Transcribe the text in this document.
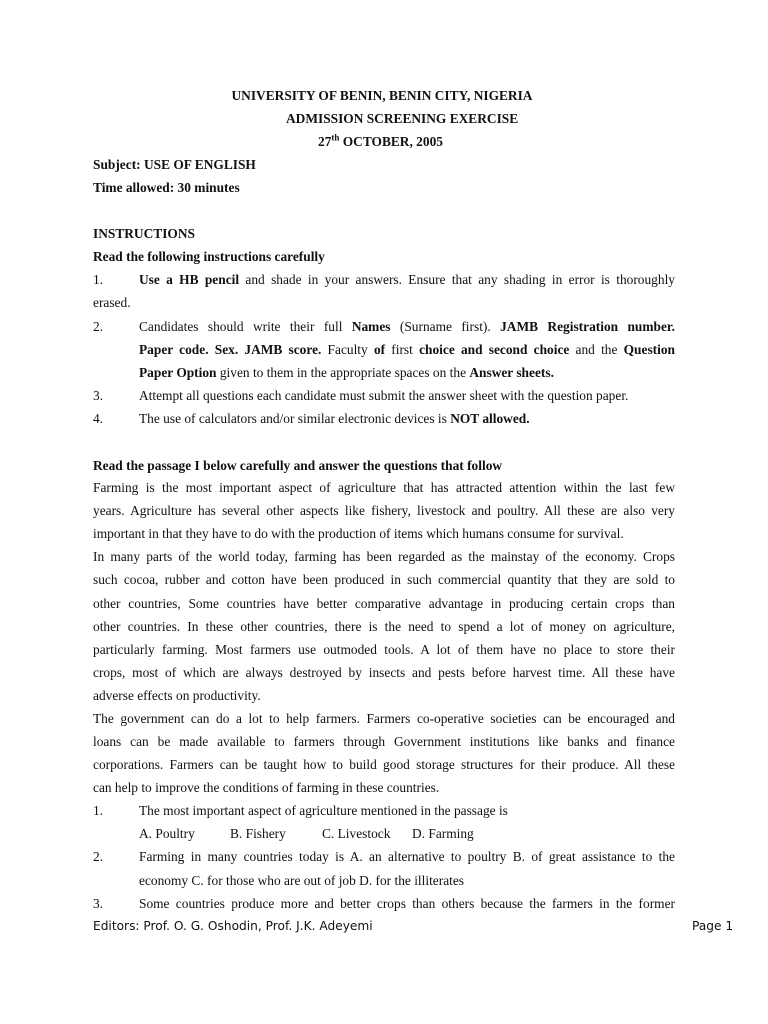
UNIVERSITY OF BENIN, BENIN CITY, NIGERIA
ADMISSION SCREENING EXERCISE
27th OCTOBER, 2005
Subject: USE OF ENGLISH
Time allowed: 30 minutes
INSTRUCTIONS
Read the following instructions carefully
1.	Use a HB pencil and shade in your answers. Ensure that any shading in error is thoroughly
erased.
2.	Candidates should write their full Names (Surname first). JAMB Registration number.
Paper code. Sex. JAMB score. Faculty of first choice and second choice and the Question
Paper Option given to them in the appropriate spaces on the Answer sheets.
3.	Attempt all questions each candidate must submit the answer sheet with the question paper.
4.	The use of calculators and/or similar electronic devices is NOT allowed.
Read the passage I below carefully and answer the questions that follow
Farming is the most important aspect of agriculture that has attracted attention within the last few
years. Agriculture has several other aspects like fishery, livestock and poultry. All these are also very
important in that they have to do with the production of items which humans consume for survival.
In many parts of the world today, farming has been regarded as the mainstay of the economy. Crops
such cocoa, rubber and cotton have been produced in such commercial quantity that they are sold to
other countries, Some countries have better comparative advantage in producing certain crops than
other countries. In these other countries, there is the need to spend a lot of money on agriculture,
particularly farming. Most farmers use outmoded tools. A lot of them have no place to store their
crops, most of which are always destroyed by insects and pests before harvest time. All these have
adverse effects on productivity.
The government can do a lot to help farmers. Farmers co-operative societies can be encouraged and
loans can be made available to farmers through Government institutions like banks and finance
corporations. Farmers can be taught how to build good storage structures for their produce. All these
can help to improve the conditions of farming in these countries.
1.	The most important aspect of agriculture mentioned in the passage is
A. Poultry	B. Fishery	C. Livestock D. Farming
2.	Farming in many countries today is A. an alternative to poultry B. of great assistance to the
economy C. for those who are out of job D. for the illiterates
3.	Some countries produce more and better crops than others because the farmers in the former
Editors: Prof. O. G. Oshodin, Prof. J.K. Adeyemi	Page 1
